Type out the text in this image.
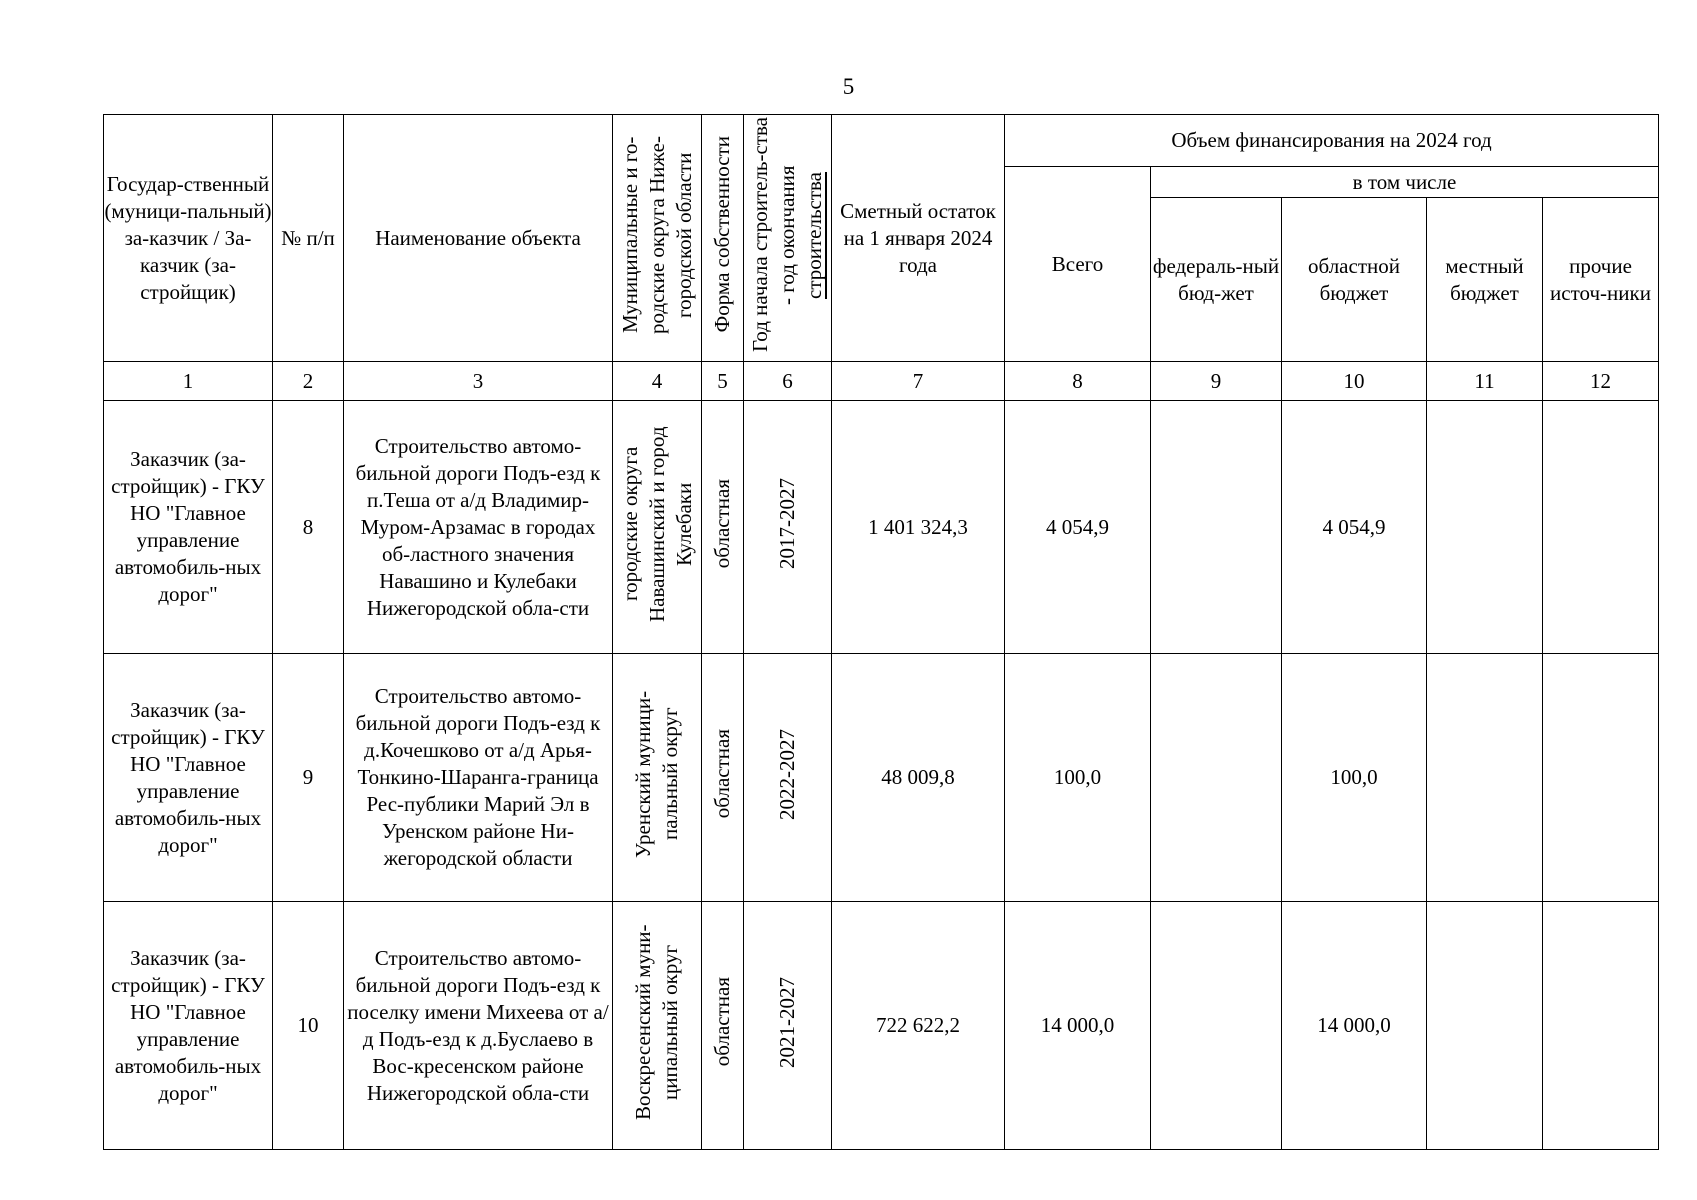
5
Государ-ственный (муници-пальный) за-казчик / За-казчик (за-стройщик)	№ п/п	Наименование объекта	Муниципальные и го-родские округа Ниже-городской области	Форма собственности	Год начала строитель-ства - год окончания строительства	Сметный остаток на 1 января 2024 года	Объем финансирования на 2024 год				
							Всего	в том числе			
								федераль-ный бюд-жет	областной бюджет	местный бюджет	прочие источ-ники
1	2	3	4	5	6	7	8	9	10	11	12
Заказчик (за-стройщик) - ГКУ НО "Главное управление автомобиль-ных дорог"	8	Строительство автомо-бильной дороги Подъ-езд к п.Теша от а/д Владимир-Муром-Арзамас в городах об-ластного значения Навашино и Кулебаки Нижегородской обла-сти	городские округа Навашинский и город Кулебаки	областная	2017-2027	1 401 324,3	4 054,9		4 054,9		
Заказчик (за-стройщик) - ГКУ НО "Главное управление автомобиль-ных дорог"	9	Строительство автомо-бильной дороги Подъ-езд к д.Кочешково от а/д Арья-Тонкино-Шаранга-граница Рес-публики Марий Эл в Уренском районе Ни-жегородской области	Уренский муници-пальный округ	областная	2022-2027	48 009,8	100,0		100,0		
Заказчик (за-стройщик) - ГКУ НО "Главное управление автомобиль-ных дорог"	10	Строительство автомо-бильной дороги Подъ-езд к поселку имени Михеева от а/д Подъ-езд к д.Буслаево в Вос-кресенском районе Нижегородской обла-сти	Воскресенский муни-ципальный округ	областная	2021-2027	722 622,2	14 000,0		14 000,0		
